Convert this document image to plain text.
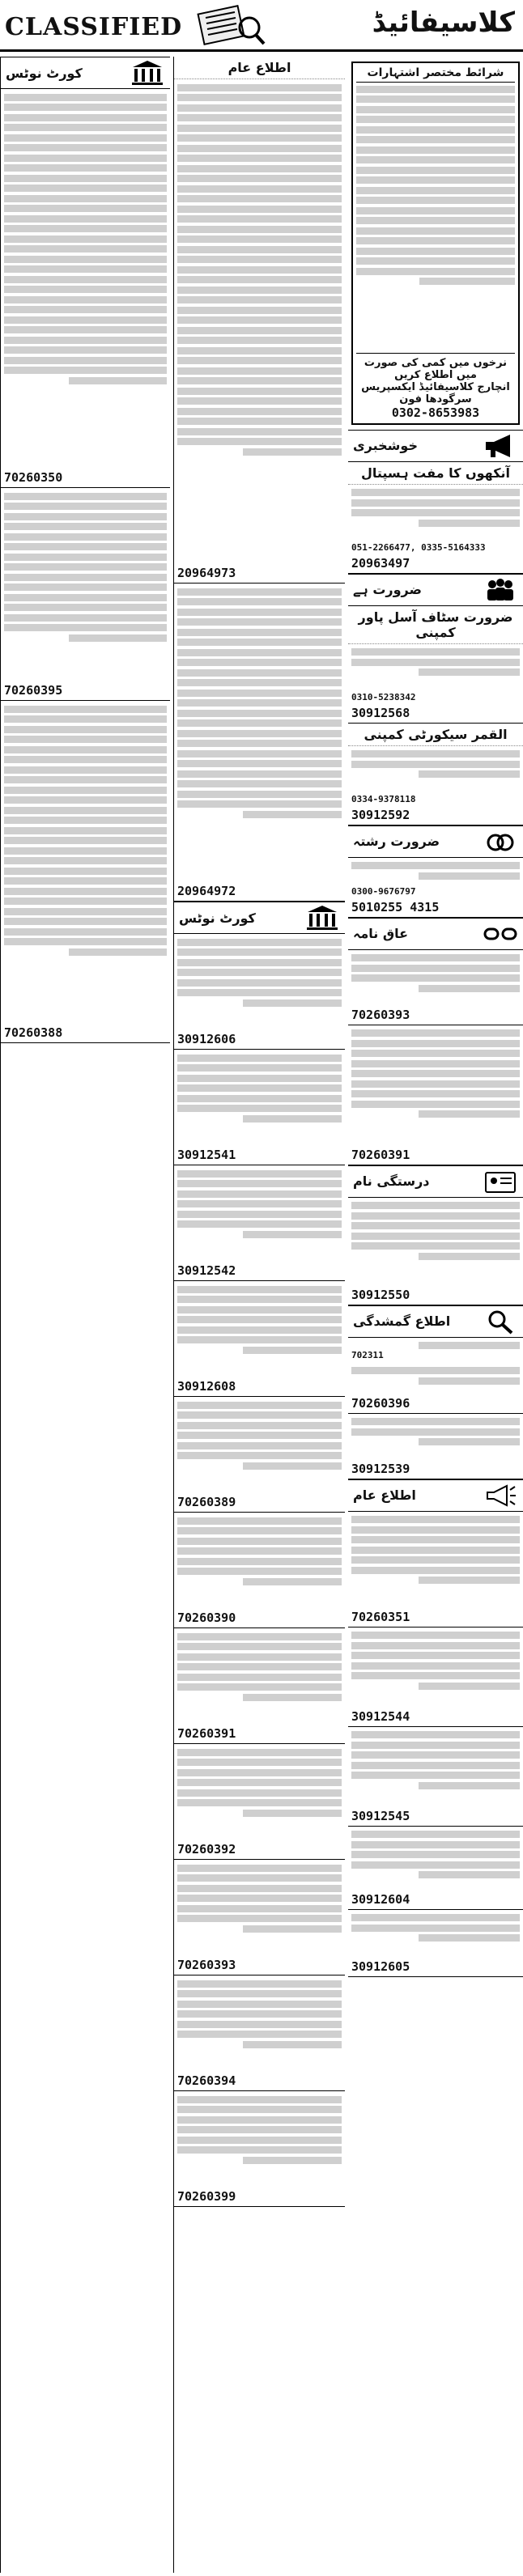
CLASSIFIED	کلاسیفائیڈ
کورٹ نوٹس
70260350
70260395
70260388
اطلاع عام
20964973
20964972
کورٹ نوٹس
30912606
30912541
30912542
30912608
70260389
70260390
70260391
70260392
70260393
70260394
70260399
شرائط مختصر اشتہارات
نرخوں میں کمی کی صورت میں اطلاع کریں
انچارج کلاسیفائیڈ ایکسپریس سرگودھا فون
0302-8653983
خوشخبری
آنکھوں کا مفت ہسپتال
051-2266477, 0335-5164333
20963497
ضرورت ہے
ضرورت سٹاف آسل پاور کمپنی
0310-5238342
30912568
القمر سیکورٹی کمپنی
0334-9378118
30912592
ضرورت رشتہ
0300-9676797
5010255 4315
عاق نامہ
70260393
70260391
درستگی نام
30912550
اطلاع گمشدگی
702311
70260396
30912539
اطلاع عام
70260351
30912544
30912545
30912604
30912605
